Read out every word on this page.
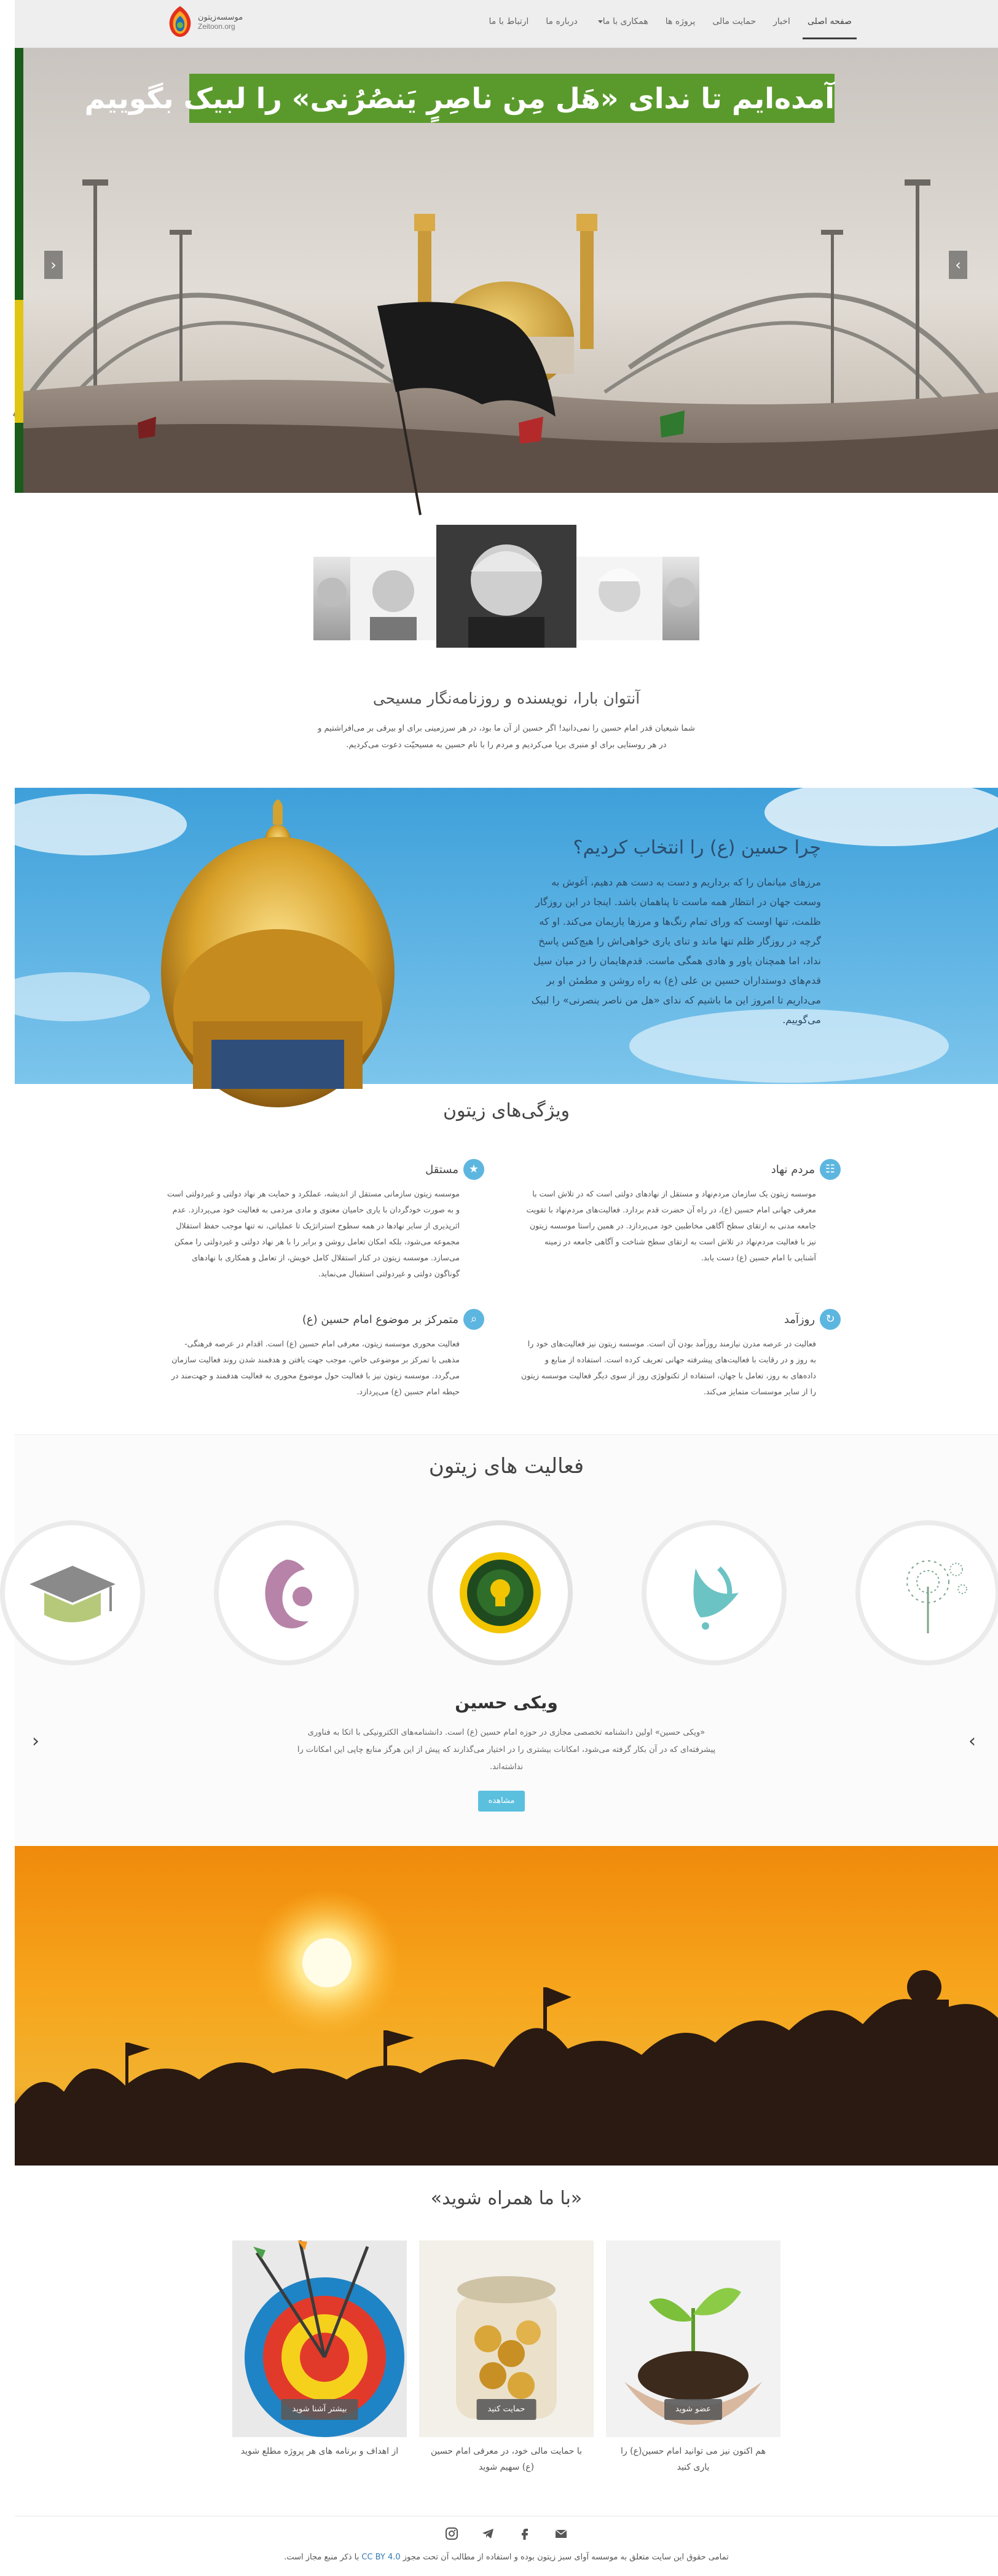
صفحه اصلی
اخبار
حمایت مالی
پروژه ها
همکاری با ما
درباره ما
ارتباط با ما
موسسه‌زیتون
Zeitoon.org
‹	›
آمده‌ایم تا ندای «هَل مِن ناصِرٍ یَنصُرُنی» را لبیک بگوییم
آنتوان بارا، نویسنده و روزنامه‌نگار مسیحی
شما شیعیان قدر امام حسین را نمی‌دانید! اگر حسین از آن ما بود، در هر سرزمینی برای او بیرقی بر می‌افراشتیم و در هر روستایی برای او منبری برپا می‌کردیم و مردم را با نام حسین به مسیحیّت دعوت می‌کردیم.
چرا حسین (ع) را انتخاب کردیم؟
مرزهای میانمان را که برداریم و دست به دست هم دهیم، آغوش به وسعت جهان در انتظار همه ماست تا پناهمان باشد. اینجا در این روزگار ظلمت، تنها اوست که ورای تمام رنگ‌ها و مرزها یاریمان می‌کند. او که گرچه در روزگار ظلم تنها ماند و تنای یاری خواهی‌اش را هیچ‌کس پاسخ نداد، اما همچنان یاور و هادی همگی ماست. قدم‌هایمان را در میان سیل قدم‌های دوستداران حسین بن علی (ع) به راه روشن و مطمئن او بر می‌داریم تا امروز این ما باشیم که ندای «هل من ناصر ینصرنی» را لبیک می‌گوییم.
ویژگی‌های زیتون
☷
مردم نهاد
موسسه زیتون یک سازمان مردم‌نهاد و مستقل از نهادهای دولتی است که در تلاش است با معرفی جهانی امام حسین (ع)، در راه آن حضرت قدم بردارد. فعالیت‌های مردم‌نهاد با تقویت جامعه مدنی به ارتقای سطح آگاهی مخاطبین خود می‌پردازد. در همین راستا موسسه زیتون نیز با فعالیت مردم‌نهاد در تلاش است به ارتقای سطح شناخت و آگاهی جامعه در زمینه آشنایی با امام حسین (ع) دست یابد.
★
مستقل
موسسه زیتون سازمانی مستقل از اندیشه، عملکرد و حمایت هر نهاد دولتی و غیردولتی است و به صورت خودگردان با یاری حامیان معنوی و مادی مردمی به فعالیت خود می‌پردازد. عدم اثرپذیری از سایر نهادها در همه سطوح استراتژیک تا عملیاتی، نه تنها موجب حفظ استقلال مجموعه می‌شود، بلکه امکان تعامل روشن و برابر را با هر نهاد دولتی و غیردولتی را ممکن می‌سازد. موسسه زیتون در کنار استقلال کامل خویش، از تعامل و همکاری با نهادهای گوناگون دولتی و غیردولتی استقبال می‌نماید.
↻
روزآمد
فعالیت در عرصه مدرن نیازمند روزآمد بودن آن است. موسسه زیتون نیز فعالیت‌های خود را به روز و در رقابت با فعالیت‌های پیشرفته جهانی تعریف کرده است. استفاده از منابع و داده‌های به روز، تعامل با جهان، استفاده از تکنولوژی روز از سوی دیگر فعالیت موسسه زیتون را از سایر موسسات متمایز می‌کند.
⌕
متمرکز بر موضوع امام حسین (ع)
فعالیت محوری موسسه زیتون، معرفی امام حسین (ع) است. اقدام در عرصه فرهنگی-مذهبی با تمرکز بر موضوعی خاص، موجب جهت یافتن و هدفمند شدن روند فعالیت سازمان می‌گردد. موسسه زیتون نیز با فعالیت حول موضوع محوری به فعالیت هدفمند و جهت‌مند در حیطه امام حسین (ع) می‌پردازد.
فعالیت های زیتون
‹	›
ویکی حسین
«ویکی حسین» اولین دانشنامه تخصصی مجازی در حوزه امام حسین (ع) است. دانشنامه‌های الکترونیکی با اتکا به فناوری پیشرفته‌ای که در آن بکار گرفته می‌شود، امکانات بیشتری را در اختیار می‌گذارند که پیش از این هرگز منابع چاپی این امکانات را نداشته‌اند.
مشاهده
«با ما همراه شوید»
بیشتر آشنا شوید
از اهداف و برنامه های هر پروژه مطلع شوید
حمایت کنید
با حمایت مالی خود، در معرفی امام حسین (ع) سهیم شوید
عضو شوید
هم اکنون نیز می توانید امام حسین(ع) را یاری کنید
تمامی حقوق این سایت متعلق به موسسه آوای سبز زیتون بوده و استفاده از مطالب آن تحت مجوز CC BY 4.0 با ذکر منبع مجاز است.
